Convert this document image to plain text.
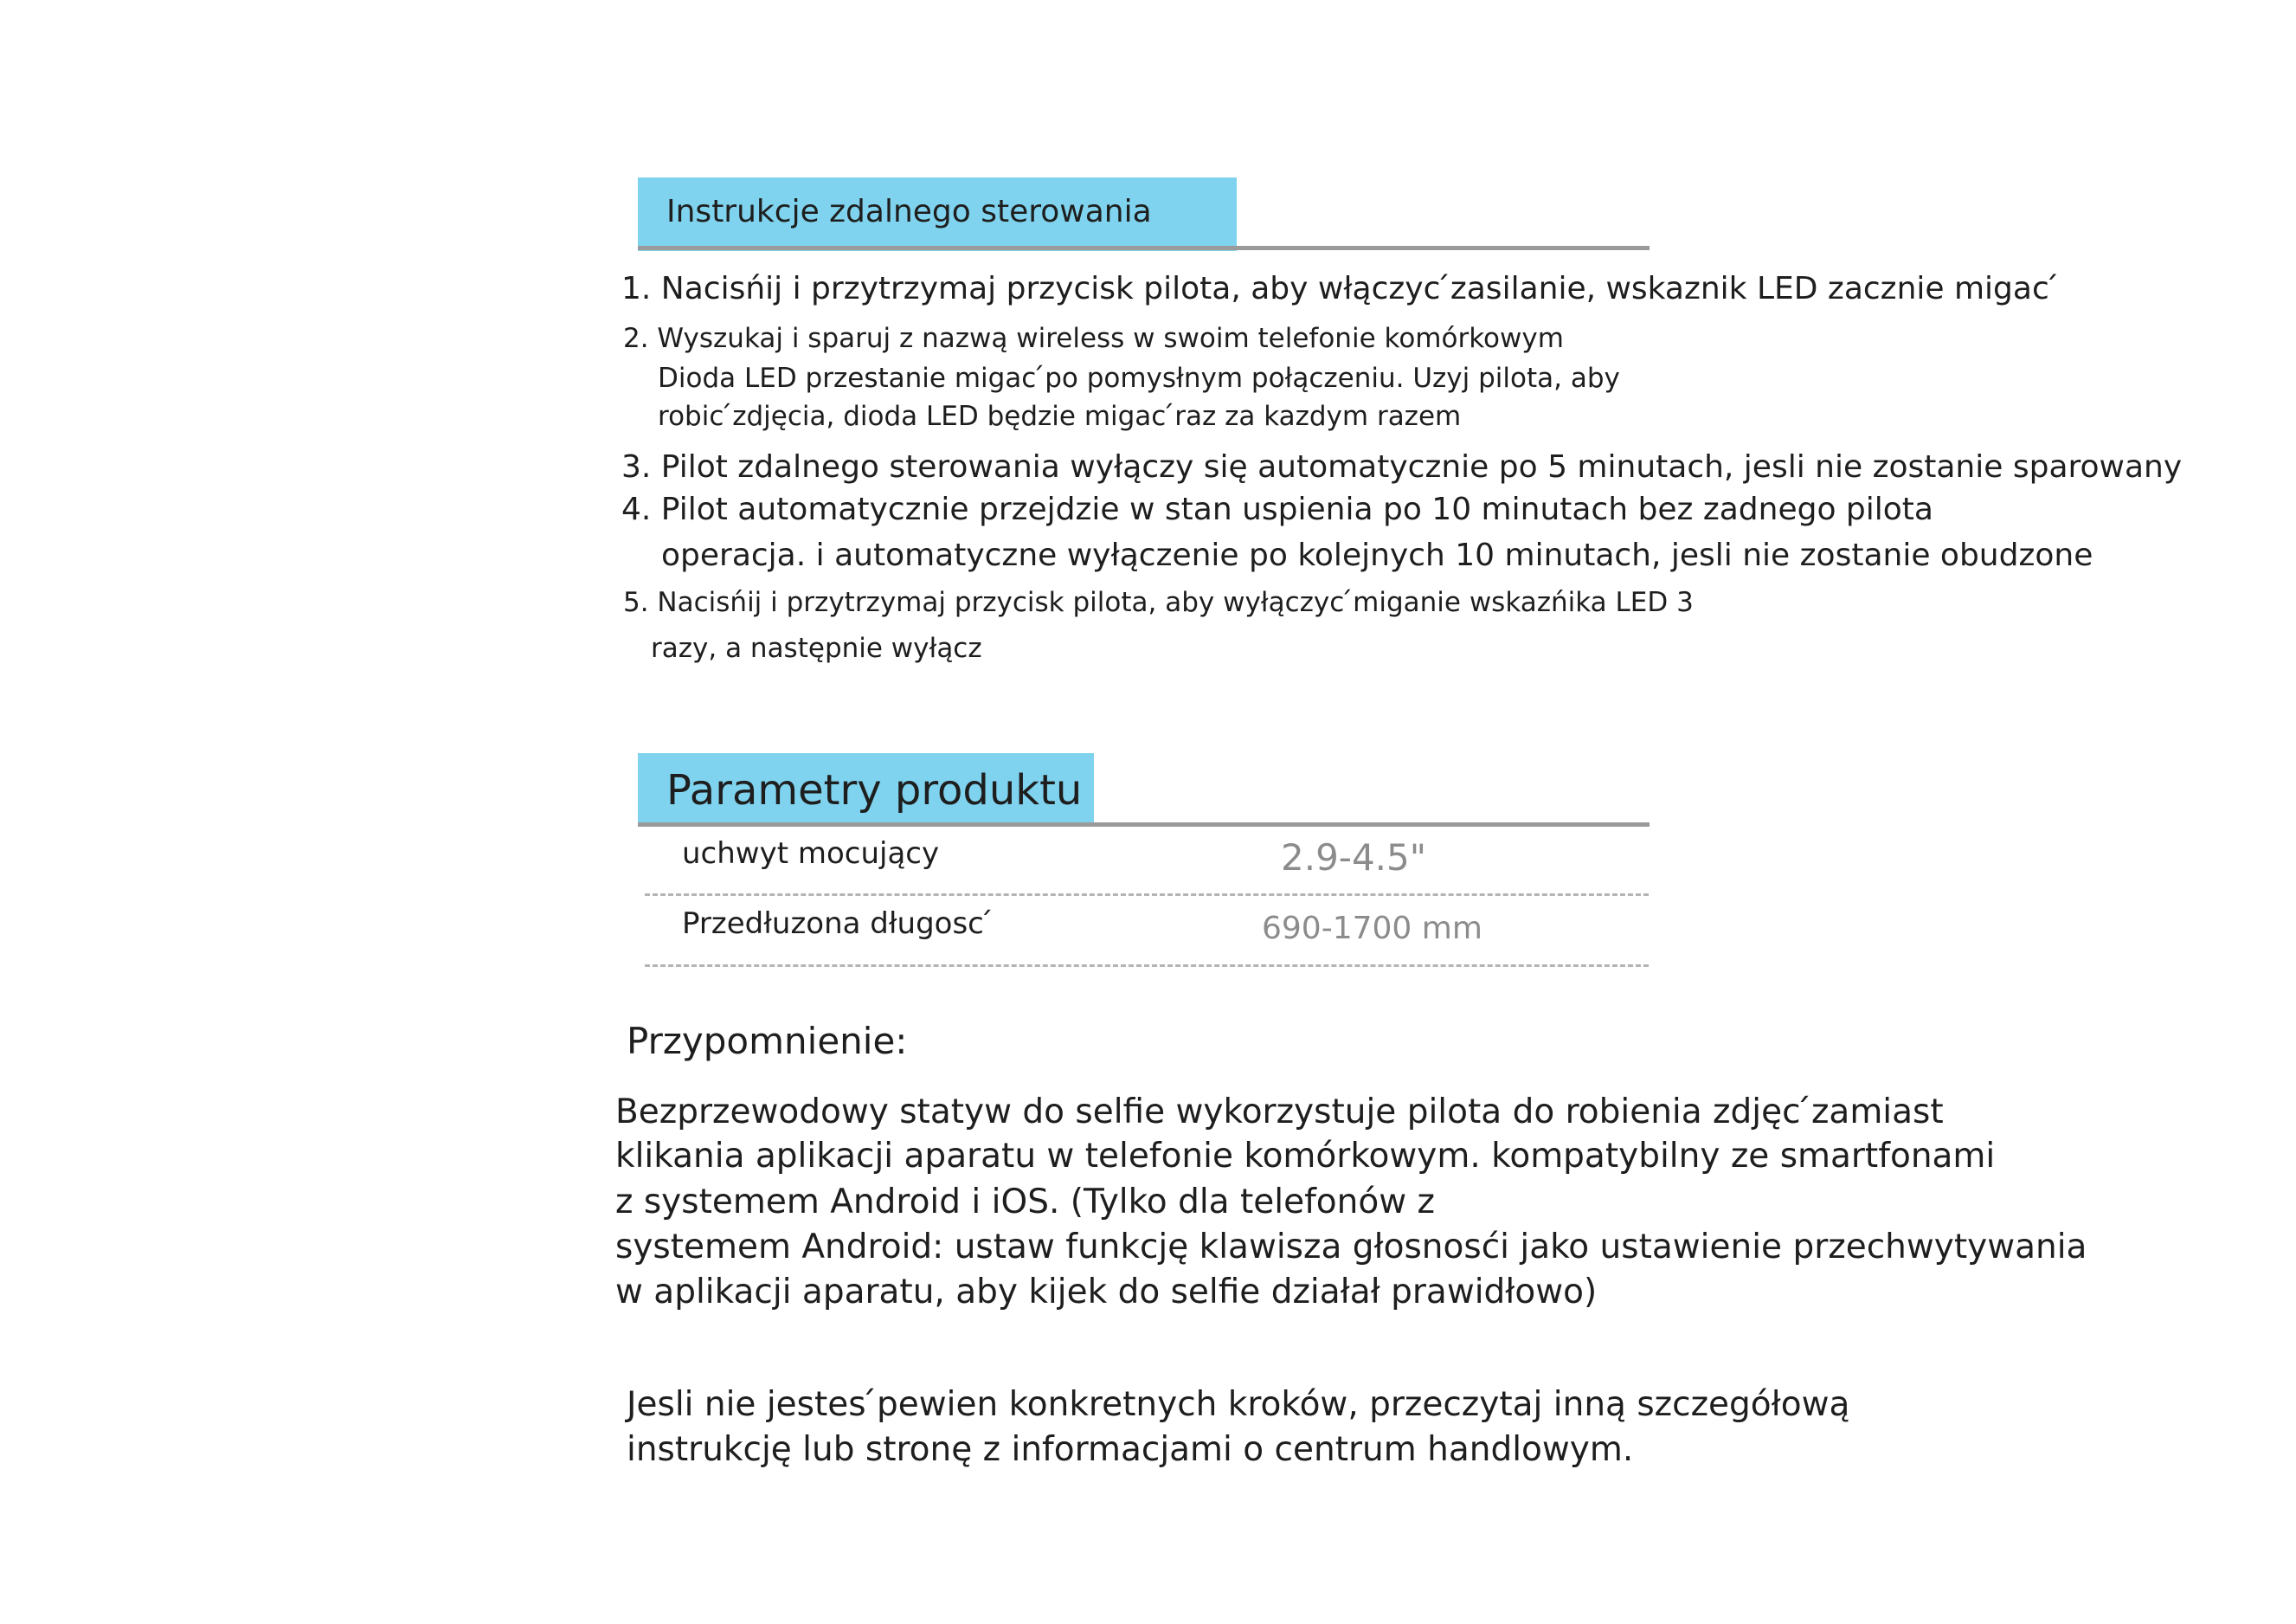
Instrukcje zdalnego sterowania
1. Nacisńij i przytrzymaj przycisk pilota, aby włączyc ́zasilanie, wskaznik LED zacznie migac ́
2. Wyszukaj i sparuj z nazwą wireless w swoim telefonie komórkowym
Dioda LED przestanie migac ́po pomysłnym połączeniu. Uzyj pilota, aby
robic ́zdjęcia, dioda LED będzie migac ́raz za kazdym razem
3. Pilot zdalnego sterowania wyłączy się automatycznie po 5 minutach, jesli nie zostanie sparowany
4. Pilot automatycznie przejdzie w stan uspienia po 10 minutach bez zadnego pilota
operacja. i automatyczne wyłączenie po kolejnych 10 minutach, jesli nie zostanie obudzone
5. Nacisńij i przytrzymaj przycisk pilota, aby wyłączyc ́miganie wskazńika LED 3
razy, a następnie wyłącz
Parametry produktu
uchwyt mocujący	2.9-4.5"
Przedłuzona długosc ́	690-1700 mm
Przypomnienie:
Bezprzewodowy statyw do selfie wykorzystuje pilota do robienia zdjęc ́zamiast
klikania aplikacji aparatu w telefonie komórkowym. kompatybilny ze smartfonami
z systemem Android i iOS. (Tylko dla telefonów z
systemem Android: ustaw funkcję klawisza głosnosći jako ustawienie przechwytywania
w aplikacji aparatu, aby kijek do selfie działał prawidłowo)
Jesli nie jestes ́pewien konkretnych kroków, przeczytaj inną szczegółową
instrukcję lub stronę z informacjami o centrum handlowym.
